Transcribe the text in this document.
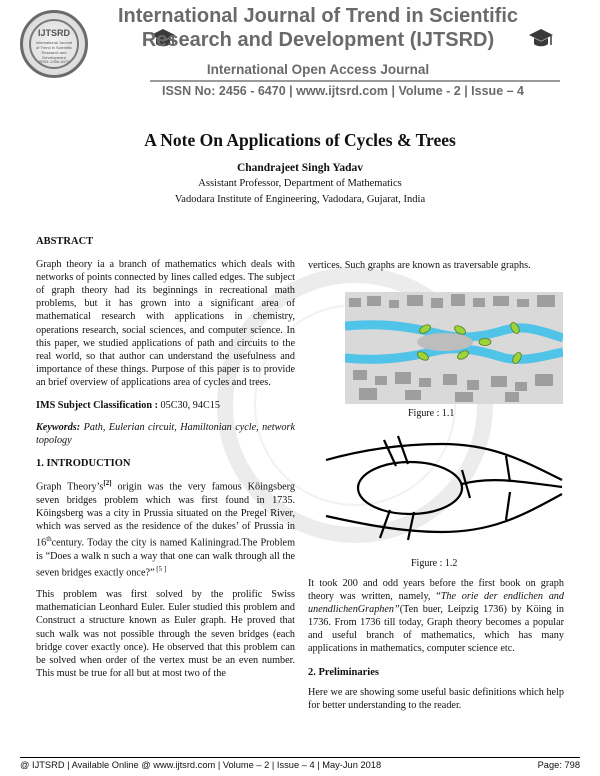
IJTSRD
International Journal
of Trend in Scientific
Research and
Development
ISSN: 2456-6470
International Journal of Trend in Scientific
Research and Development (IJTSRD)
International Open Access Journal
ISSN No: 2456 - 6470 | www.ijtsrd.com | Volume - 2 | Issue – 4
A Note On Applications of Cycles & Trees
Chandrajeet Singh Yadav
Assistant Professor, Department of Mathematics
Vadodara Institute of Engineering, Vadodara, Gujarat, India

ABSTRACT

Graph theory ia a branch of mathematics which deals with networks of points connected by lines called edges. The subject of graph theory had its beginnings in recreational math problems, but it has grown into a significant area of mathematical research with applications in chemistry, operations research, social sciences, and computer science. In this paper, we studied applications of path and circuits to the real world, so that author can understand the usefulness and importance of these things. Purpose of this paper is to provide an brief overview of applications area of cycles and trees.

IMS Subject Classification : 05C30, 94C15

Keywords: Path, Eulerian circuit, Hamiltonian cycle, network topology

1. INTRODUCTION

Graph Theory’s[2] origin was the very famous Köingsberg seven bridges problem which was first found in 1735. Köingsberg was a city in Prussia situated on the Pregel River, which was served as the residence of the dukes’ of Prussia in 16thcentury. Today the city is named Kaliningrad.The Problem is “Does a walk n such a way that one can walk through all the seven bridges exactly once?” [5 ]

This problem was first solved by the prolific Swiss mathematician Leonhard Euler. Euler studied this problem and Construct a structure known as Euler graph. He proved that such walk was not possible through the seven bridges (each bridge cover exactly once). He observed that this problem can be solved when order of the vertex must be an even number. This must be true for all but at most two of the

vertices. Such graphs are known as traversable graphs.

Figure : 1.1
Figure : 1.2

It took 200 and odd years before the first book on graph theory was written, namely, “The orie der endlichen and unendlichenGraphen”(Ten buer, Leipzig 1736) by Köing in 1736. From 1736 till today, Graph theory becomes a popular and useful branch of mathematics, which has many applications in mathematics, computer science etc.

2. Preliminaries

Here we are showing some useful basic definitions which help for better understanding to the reader.

@ IJTSRD | Available Online @ www.ijtsrd.com | Volume – 2 | Issue – 4 | May-Jun 2018	Page: 798
